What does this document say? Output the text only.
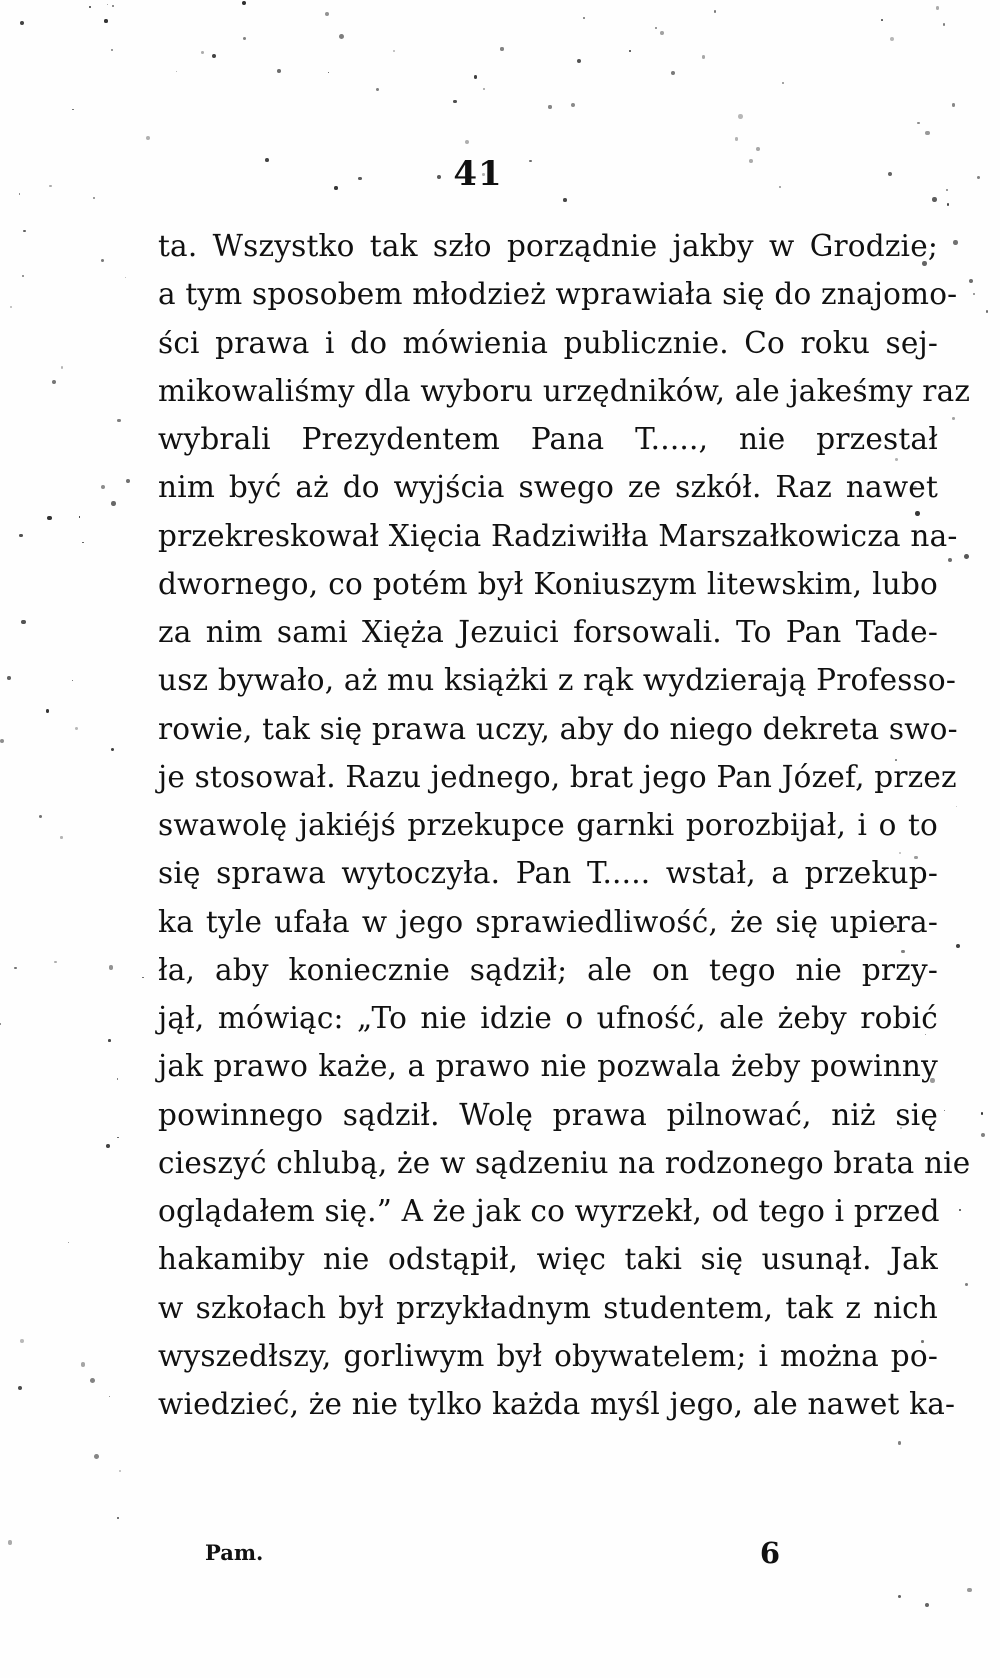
41
ta. Wszystko tak szło porządnie jakby w Grodzie;
a tym sposobem młodzież wprawiała się do znajomo-
ści prawa i do mówienia publicznie. Co roku sej-
mikowaliśmy dla wyboru urzędników, ale jakeśmy raz
wybrali Prezydentem Pana T....., nie przestał
nim być aż do wyjścia swego ze szkół. Raz nawet
przekreskował Xięcia Radziwiłła Marszałkowicza na-
dwornego, co potém był Koniuszym litewskim, lubo
za nim sami Xięża Jezuici forsowali. To Pan Tade-
usz bywało, aż mu książki z rąk wydzierają Professo-
rowie, tak się prawa uczy, aby do niego dekreta swo-
je stosował. Razu jednego, brat jego Pan Józef, przez
swawolę jakiéjś przekupce garnki porozbijał, i o to
się sprawa wytoczyła. Pan T..... wstał, a przekup-
ka tyle ufała w jego sprawiedliwość, że się upiera-
ła, aby koniecznie sądził; ale on tego nie przy-
jął, mówiąc: „To nie idzie o ufność, ale żeby robić
jak prawo każe, a prawo nie pozwala żeby powinny
powinnego sądził. Wolę prawa pilnować, niż się
cieszyć chlubą, że w sądzeniu na rodzonego brata nie
oglądałem się.” A że jak co wyrzekł, od tego i przed
hakamiby nie odstąpił, więc taki się usunął. Jak
w szkołach był przykładnym studentem, tak z nich
wyszedłszy, gorliwym był obywatelem; i można po-
wiedzieć, że nie tylko każda myśl jego, ale nawet ka-
Pam.	6
